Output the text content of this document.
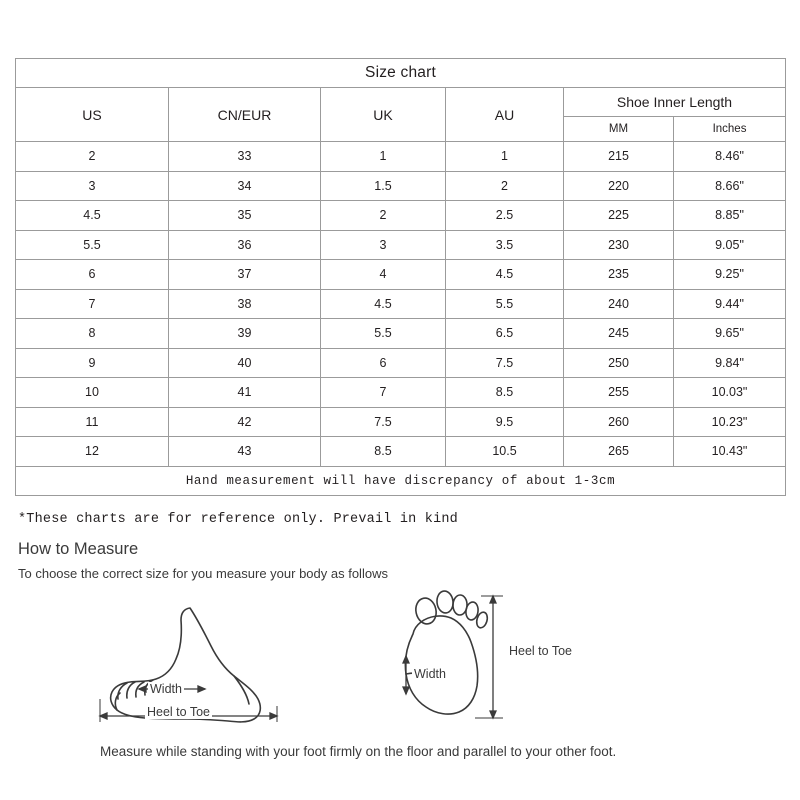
Size chart					
US	CN/EUR	UK	AU	Shoe Inner Length	
				MM	Inches
2	33	1	1	215	8.46"
3	34	1.5	2	220	8.66"
4.5	35	2	2.5	225	8.85"
5.5	36	3	3.5	230	9.05"
6	37	4	4.5	235	9.25"
7	38	4.5	5.5	240	9.44"
8	39	5.5	6.5	245	9.65"
9	40	6	7.5	250	9.84"
10	41	7	8.5	255	10.03"
11	42	7.5	9.5	260	10.23"
12	43	8.5	10.5	265	10.43"
Hand measurement will have discrepancy of about 1-3cm					
*These charts are for reference only. Prevail in kind
How to Measure
To choose the correct size for you measure your body as follows
Width
Heel to Toe
Width
Heel to Toe
Measure while standing with your foot firmly on the floor and parallel to your other foot.
